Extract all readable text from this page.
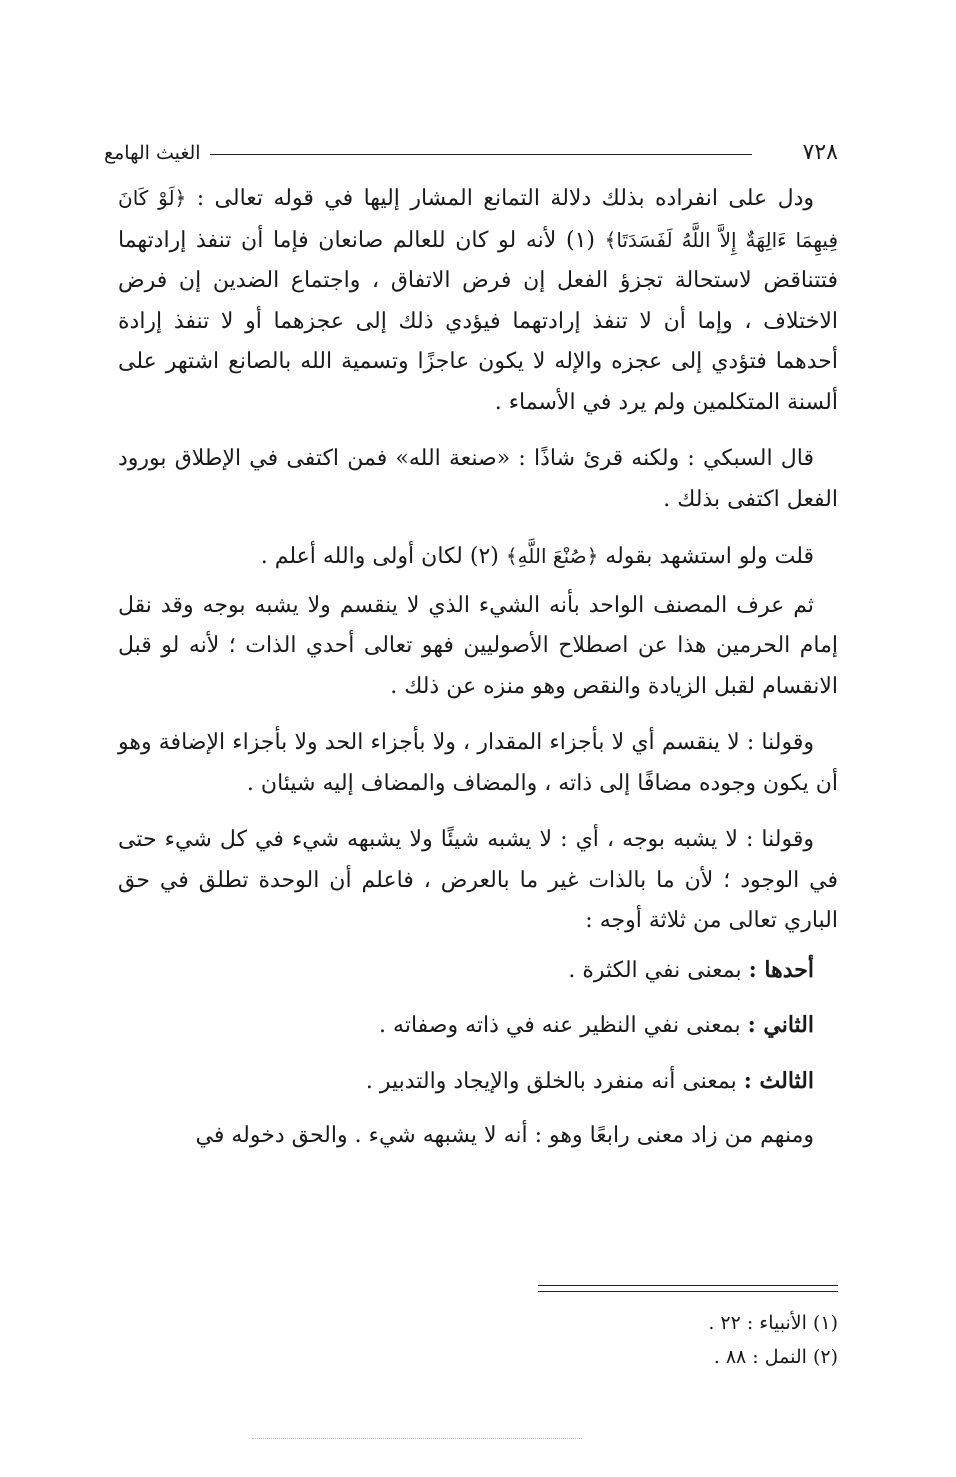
٧٢٨
الغيث الهامع

ودل على انفراده بذلك دلالة التمانع المشار إليها في قوله تعالى : ﴿لَوْ كَانَ فِيهِمَا ءَالِهَةٌ إِلاَّ اللَّهُ لَفَسَدَتَا﴾ (١) لأنه لو كان للعالم صانعان فإما أن تنفذ إرادتهما فتتناقض لاستحالة تجزؤ الفعل إن فرض الاتفاق ، واجتماع الضدين إن فرض الاختلاف ، وإما أن لا تنفذ إرادتهما فيؤدي ذلك إلى عجزهما أو لا تنفذ إرادة أحدهما فتؤدي إلى عجزه والإله لا يكون عاجزًا وتسمية الله بالصانع اشتهر على ألسنة المتكلمين ولم يرد في الأسماء .

قال السبكي : ولكنه قرئ شاذًا : «صنعة الله» فمن اكتفى في الإطلاق بورود الفعل اكتفى بذلك .

قلت ولو استشهد بقوله ﴿صُنْعَ اللَّهِ﴾ (٢) لكان أولى والله أعلم .

ثم عرف المصنف الواحد بأنه الشيء الذي لا ينقسم ولا يشبه بوجه وقد نقل إمام الحرمين هذا عن اصطلاح الأصوليين فهو تعالى أحدي الذات ؛ لأنه لو قبل الانقسام لقبل الزيادة والنقص وهو منزه عن ذلك .

وقولنا : لا ينقسم أي لا بأجزاء المقدار ، ولا بأجزاء الحد ولا بأجزاء الإضافة وهو أن يكون وجوده مضافًا إلى ذاته ، والمضاف والمضاف إليه شيئان .

وقولنا : لا يشبه بوجه ، أي : لا يشبه شيئًا ولا يشبهه شيء في كل شيء حتى في الوجود ؛ لأن ما بالذات غير ما بالعرض ، فاعلم أن الوحدة تطلق في حق الباري تعالى من ثلاثة أوجه :

أحدها : بمعنى نفي الكثرة .

الثاني : بمعنى نفي النظير عنه في ذاته وصفاته .

الثالث : بمعنى أنه منفرد بالخلق والإيجاد والتدبير .

ومنهم من زاد معنى رابعًا وهو : أنه لا يشبهه شيء . والحق دخوله في

(١) الأنبياء : ٢٢ .

(٢) النمل : ٨٨ .
